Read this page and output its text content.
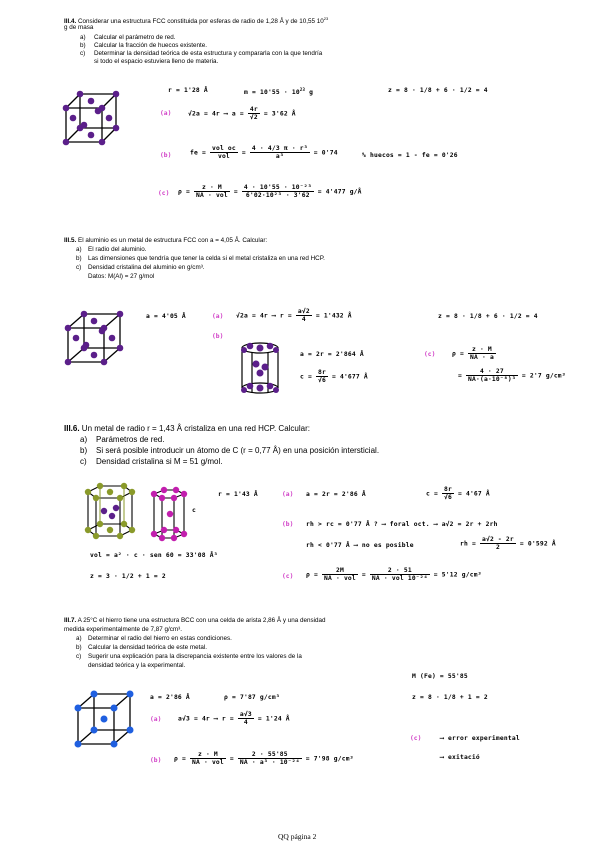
III.4. Considerar una estructura FCC constituida por esferas de radio de 1,28 Å y de 10,55 $10^{23}$
g de masa
a) Calcular el parámetro de red.
b) Calcular la fracción de huecos existente.
c) Determinar la densidad teórica de esta estructura y compararla con la que tendría
si todo el espacio estuviera lleno de materia.
r = 1'28 Å	$m = 10'55 \cdot 10^{23}$ g	z = 8 · 1/8 + 6 · 1/2 = 4
(a)	√2a = 4r ⟶ $a = \frac{4r}{√2} = 3'62$ Å
(b)	fe = $\frac{\text{vol oc}}{\text{vol}} = \frac{\text{4 · 4/3 π · r³}}{\text{a³}} = 0'74$	% huecos = 1 - fe = 0'26
(c) $\rho = \frac{z \cdot M}{\text{NA · vol}} = \frac{\text{4 · 10'55 · 10⁻²³}}{\text{6'02·10²³ · 3'62}} = 4'477$ g/Å
III.5. El aluminio es un metal de estructura FCC con a = 4,05 Å. Calcular:
a) El radio del aluminio.
b) Las dimensiones que tendría que tener la celda si el metal cristaliza en una red HCP.
c) Densidad cristalina del aluminio en g/cm³.
Datos: M(Al) = 27 g/mol
a = 4'05 Å	(a) √2a = 4r ⟶ $r = \frac{a√2}{4} = 1'432$ Å	z = 8 · 1/8 + 6 · 1/2 = 4
(b)
a = 2r = 2'864 Å
$c = \frac{8r}{√6} = 4'677$ Å
(c)	$\rho = \frac{z \cdot M}{NA \cdot a}$
= $\frac{4 \cdot 27}{\text{NA·(a·10⁻⁸)³}} = 2'7$ g/cm³
III.6. Un metal de radio r = 1,43 Å cristaliza en una red HCP. Calcular:
a) Parámetros de red.
b) Si será posible introducir un átomo de C (r = 0,77 Å) en una posición intersticial.
c) Densidad cristalina si M = 51 g/mol.
c
r = 1'43 Å	(a) a = 2r = 2'86 Å	$c = \frac{8r}{√6} = 4'67$ Å
(b) rh > rc = 0'77 Å ? ⟶ foral oct. ⟶ a√2 = 2r + 2rh
rh < 0'77 Å ⟶ no es posible	rh = $\frac{a√2 - 2r}{2} = 0'592$ Å
vol = a² · c · sen 60 = 33'08 Å³
z = 3 · 1/2 + 1 = 2	(c) $\rho = \frac{2M}{\text{NA · vol}} = \frac{2 \cdot 51}{\text{NA · vol 10⁻²⁴}} = 5'12$ g/cm³
III.7. A 25°C el hierro tiene una estructura BCC con una celda de arista 2,86 Å y una densidad
medida experimentalmente de 7,87 g/cm³.
a) Determinar el radio del hierro en estas condiciones.
b) Calcular la densidad teórica de este metal.
c) Sugerir una explicación para la discrepancia existente entre los valores de la
densidad teórica y la experimental.
M (Fe) = 55'85
a = 2'86 Å	ρ = 7'87 g/cm³	z = 8 · 1/8 + 1 = 2
(a)	a√3 = 4r ⟶ $r = \frac{a√3}{4} = 1'24$ Å
(c)	⟶ error experimental
⟶ exitació
(b) $\rho = \frac{z \cdot M}{\text{NA · vol}} = \frac{2 \cdot 55'85}{\text{NA · a³ · 10⁻²⁴}} = 7'98$ g/cm³
QQ página 2
